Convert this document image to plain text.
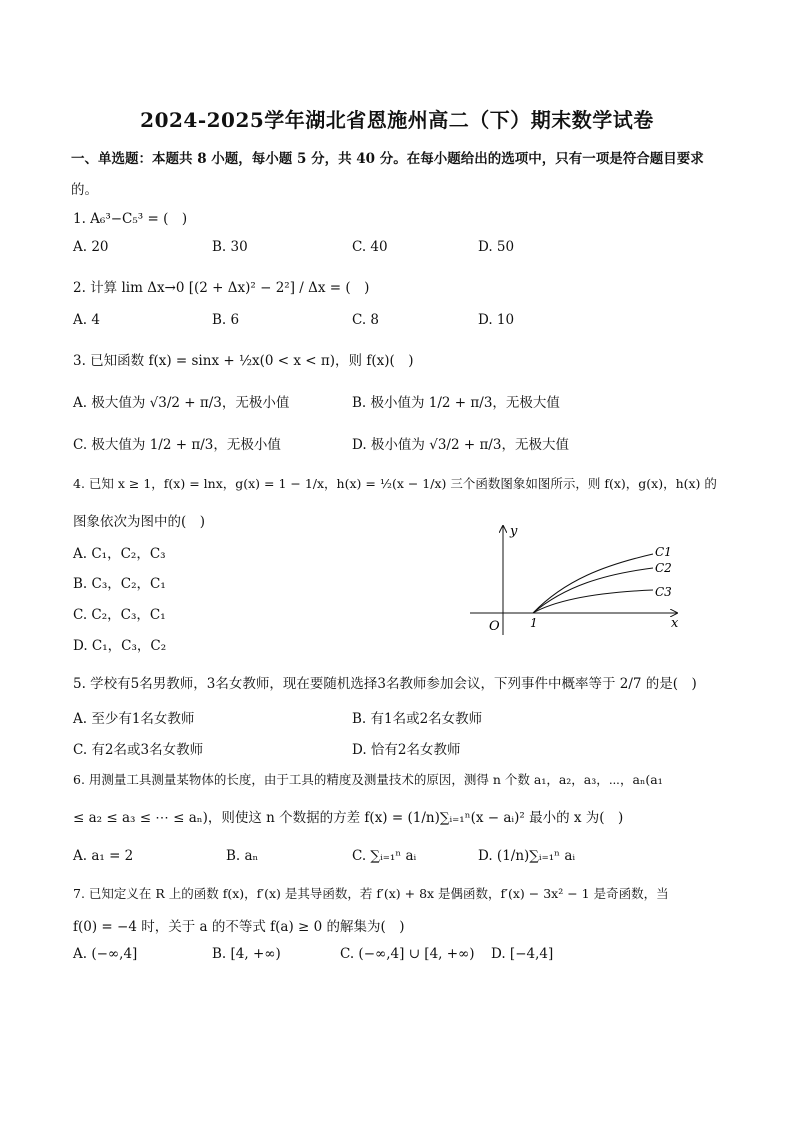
2024-2025学年湖北省恩施州高二（下）期末数学试卷
一、单选题：本题共 8 小题，每小题 5 分，共 40 分。在每小题给出的选项中，只有一项是符合题目要求
的。
1. A₆³−C₅³ = (　)
A. 20	B. 30	C. 40	D. 50
2. 计算 lim Δx→0 [(2 + Δx)² − 2²] / Δx = (　)
A. 4	B. 6	C. 8	D. 10
3. 已知函数 f(x) = sinx + ½x(0 < x < π)，则 f(x)(　)
A. 极大值为 √3/2 + π/3，无极小值	B. 极小值为 1/2 + π/3，无极大值
C. 极大值为 1/2 + π/3，无极小值	D. 极小值为 √3/2 + π/3，无极大值
4. 已知 x ≥ 1，f(x) = lnx，g(x) = 1 − 1/x，h(x) = ½(x − 1/x) 三个函数图象如图所示，则 f(x)，g(x)，h(x) 的
图象依次为图中的(　)
A. C₁，C₂，C₃
B. C₃，C₂，C₁
C. C₂，C₃，C₁
D. C₁，C₃，C₂
y
x
O	1
C1
C2
C3
5. 学校有5名男教师，3名女教师，现在要随机选择3名教师参加会议，下列事件中概率等于 2/7 的是(　)
A. 至少有1名女教师	B. 有1名或2名女教师
C. 有2名或3名女教师	D. 恰有2名女教师
6. 用测量工具测量某物体的长度，由于工具的精度及测量技术的原因，测得 n 个数 a₁，a₂，a₃，⋯，aₙ(a₁
≤ a₂ ≤ a₃ ≤ ⋯ ≤ aₙ)，则使这 n 个数据的方差 f(x) = (1/n)∑ᵢ₌₁ⁿ(x − aᵢ)² 最小的 x 为(　)
A. a₁ = 2	B. aₙ	C. ∑ᵢ₌₁ⁿ aᵢ	D. (1/n)∑ᵢ₌₁ⁿ aᵢ
7. 已知定义在 R 上的函数 f(x)，f′(x) 是其导函数，若 f′(x) + 8x 是偶函数，f′(x) − 3x² − 1 是奇函数，当
f(0) = −4 时，关于 a 的不等式 f(a) ≥ 0 的解集为(　)
A. (−∞,4]	B. [4, +∞)	C. (−∞,4] ∪ [4, +∞) D. [−4,4]
